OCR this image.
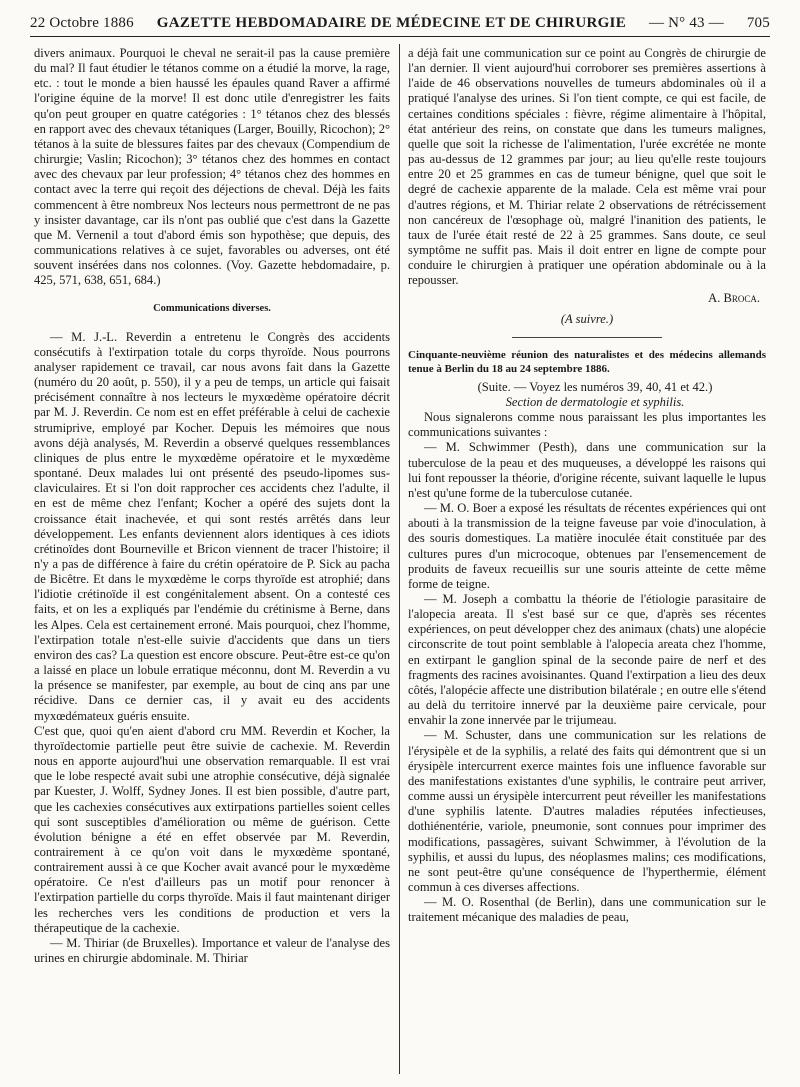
22 Octobre 1886 GAZETTE HEBDOMADAIRE DE MÉDECINE ET DE CHIRURGIE — N° 43 — 705

divers animaux. Pourquoi le cheval ne serait-il pas la cause première du mal? Il faut étudier le tétanos comme on a étudié la morve, la rage, etc. : tout le monde a bien haussé les épaules quand Raver a affirmé l'origine équine de la morve! Il est donc utile d'enregistrer les faits qu'on peut grouper en quatre catégories : 1° tétanos chez des blessés en rapport avec des chevaux tétaniques (Larger, Bouilly, Ricochon); 2° tétanos à la suite de blessures faites par des chevaux (Compendium de chirurgie; Vaslin; Ricochon); 3° tétanos chez des hommes en contact avec des chevaux par leur profession; 4° tétanos chez des hommes en contact avec la terre qui reçoit des déjections de cheval. Déjà les faits commencent à être nombreux Nos lecteurs nous permettront de ne pas y insister davantage, car ils n'ont pas oublié que c'est dans la Gazette que M. Vernenil a tout d'abord émis son hypothèse; que depuis, des communications relatives à ce sujet, favorables ou adverses, ont été souvent insérées dans nos colonnes. (Voy. Gazette hebdomadaire, p. 425, 571, 638, 651, 684.)

Communications diverses.

— M. J.-L. Reverdin a entretenu le Congrès des accidents consécutifs à l'extirpation totale du corps thyroïde. Nous pourrons analyser rapidement ce travail, car nous avons fait dans la Gazette (numéro du 20 août, p. 550), il y a peu de temps, un article qui faisait précisément connaître à nos lecteurs le myxœdème opératoire décrit par M. J. Reverdin. Ce nom est en effet préférable à celui de cachexie strumiprive, employé par Kocher. Depuis les mémoires que nous avons déjà analysés, M. Reverdin a observé quelques ressemblances cliniques de plus entre le myxœdème opératoire et le myxœdème spontané. Deux malades lui ont présenté des pseudo-lipomes sus-claviculaires. Et si l'on doit rapprocher ces accidents chez l'adulte, il en est de même chez l'enfant; Kocher a opéré des sujets dont la croissance était inachevée, et qui sont restés arrêtés dans leur développement. Les enfants deviennent alors identiques à ces idiots crétinoïdes dont Bourneville et Bricon viennent de tracer l'histoire; il n'y a pas de différence à faire du crétin opératoire de P. Sick au pacha de Bicêtre. Et dans le myxœdème le corps thyroïde est atrophié; dans l'idiotie crétinoïde il est congénitalement absent. On a contesté ces faits, et on les a expliqués par l'endémie du crétinisme à Berne, dans les Alpes. Cela est certainement erroné. Mais pourquoi, chez l'homme, l'extirpation totale n'est-elle suivie d'accidents que dans un tiers environ des cas? La question est encore obscure. Peut-être est-ce qu'on a laissé en place un lobule erratique méconnu, dont M. Reverdin a vu la présence se manifester, par exemple, au bout de cinq ans par une récidive. Dans ce dernier cas, il y avait eu des accidents myxœdémateux guéris ensuite.

C'est que, quoi qu'en aient d'abord cru MM. Reverdin et Kocher, la thyroïdectomie partielle peut être suivie de cachexie. M. Reverdin nous en apporte aujourd'hui une observation remarquable. Il est vrai que le lobe respecté avait subi une atrophie consécutive, déjà signalée par Kuester, J. Wolff, Sydney Jones. Il est bien possible, d'autre part, que les cachexies consécutives aux extirpations partielles soient celles qui sont susceptibles d'amélioration ou même de guérison. Cette évolution bénigne a été en effet observée par M. Reverdin, contrairement à ce qu'on voit dans le myxœdème spontané, contrairement aussi à ce que Kocher avait avancé pour le myxœdème opératoire. Ce n'est d'ailleurs pas un motif pour renoncer à l'extirpation partielle du corps thyroïde. Mais il faut maintenant diriger les recherches vers les conditions de production et vers la thérapeutique de la cachexie.

— M. Thiriar (de Bruxelles). Importance et valeur de l'analyse des urines en chirurgie abdominale. M. Thiriar

a déjà fait une communication sur ce point au Congrès de chirurgie de l'an dernier. Il vient aujourd'hui corroborer ses premières assertions à l'aide de 46 observations nouvelles de tumeurs abdominales où il a pratiqué l'analyse des urines. Si l'on tient compte, ce qui est facile, de certaines conditions spéciales : fièvre, régime alimentaire à l'hôpital, état antérieur des reins, on constate que dans les tumeurs malignes, quelle que soit la richesse de l'alimentation, l'urée excrétée ne monte pas au-dessus de 12 grammes par jour; au lieu qu'elle reste toujours entre 20 et 25 grammes en cas de tumeur bénigne, quel que soit le degré de cachexie apparente de la malade. Cela est même vrai pour d'autres régions, et M. Thiriar relate 2 observations de rétrécissement non cancéreux de l'œsophage où, malgré l'inanition des patients, le taux de l'urée était resté de 22 à 25 grammes. Sans doute, ce seul symptôme ne suffit pas. Mais il doit entrer en ligne de compte pour conduire le chirurgien à pratiquer une opération abdominale ou à la repousser.

A. Broca.
(A suivre.)
Cinquante-neuvième réunion des naturalistes et des médecins allemands tenue à Berlin du 18 au 24 septembre 1886.

(Suite. — Voyez les numéros 39, 40, 41 et 42.)

Section de dermatologie et syphilis.

Nous signalerons comme nous paraissant les plus importantes les communications suivantes :

— M. Schwimmer (Pesth), dans une communication sur la tuberculose de la peau et des muqueuses, a développé les raisons qui lui font repousser la théorie, d'origine récente, suivant laquelle le lupus n'est qu'une forme de la tuberculose cutanée.

— M. O. Boer a exposé les résultats de récentes expériences qui ont abouti à la transmission de la teigne faveuse par voie d'inoculation, à des souris domestiques. La matière inoculée était constituée par des cultures pures d'un microcoque, obtenues par l'ensemencement de produits de faveux recueillis sur une souris atteinte de cette même forme de teigne.

— M. Joseph a combattu la théorie de l'étiologie parasitaire de l'alopecia areata. Il s'est basé sur ce que, d'après ses récentes expériences, on peut développer chez des animaux (chats) une alopécie circonscrite de tout point semblable à l'alopecia areata chez l'homme, en extirpant le ganglion spinal de la seconde paire de nerf et des fragments des racines avoisinantes. Quand l'extirpation a lieu des deux côtés, l'alopécie affecte une distribution bilatérale ; en outre elle s'étend au delà du territoire innervé par la deuxième paire cervicale, pour envahir la zone innervée par le trijumeau.

— M. Schuster, dans une communication sur les relations de l'érysipèle et de la syphilis, a relaté des faits qui démontrent que si un érysipèle intercurrent exerce maintes fois une influence favorable sur des manifestations existantes d'une syphilis, le contraire peut arriver, comme aussi un érysipèle intercurrent peut réveiller les manifestations d'une syphilis latente. D'autres maladies réputées infectieuses, dothiénentérie, variole, pneumonie, sont connues pour imprimer des modifications, passagères, suivant Schwimmer, à l'évolution de la syphilis, et aussi du lupus, des néoplasmes malins; ces modifications, ne sont peut-être qu'une conséquence de l'hyperthermie, élément commun à ces diverses affections.

— M. O. Rosenthal (de Berlin), dans une communication sur le traitement mécanique des maladies de peau,
